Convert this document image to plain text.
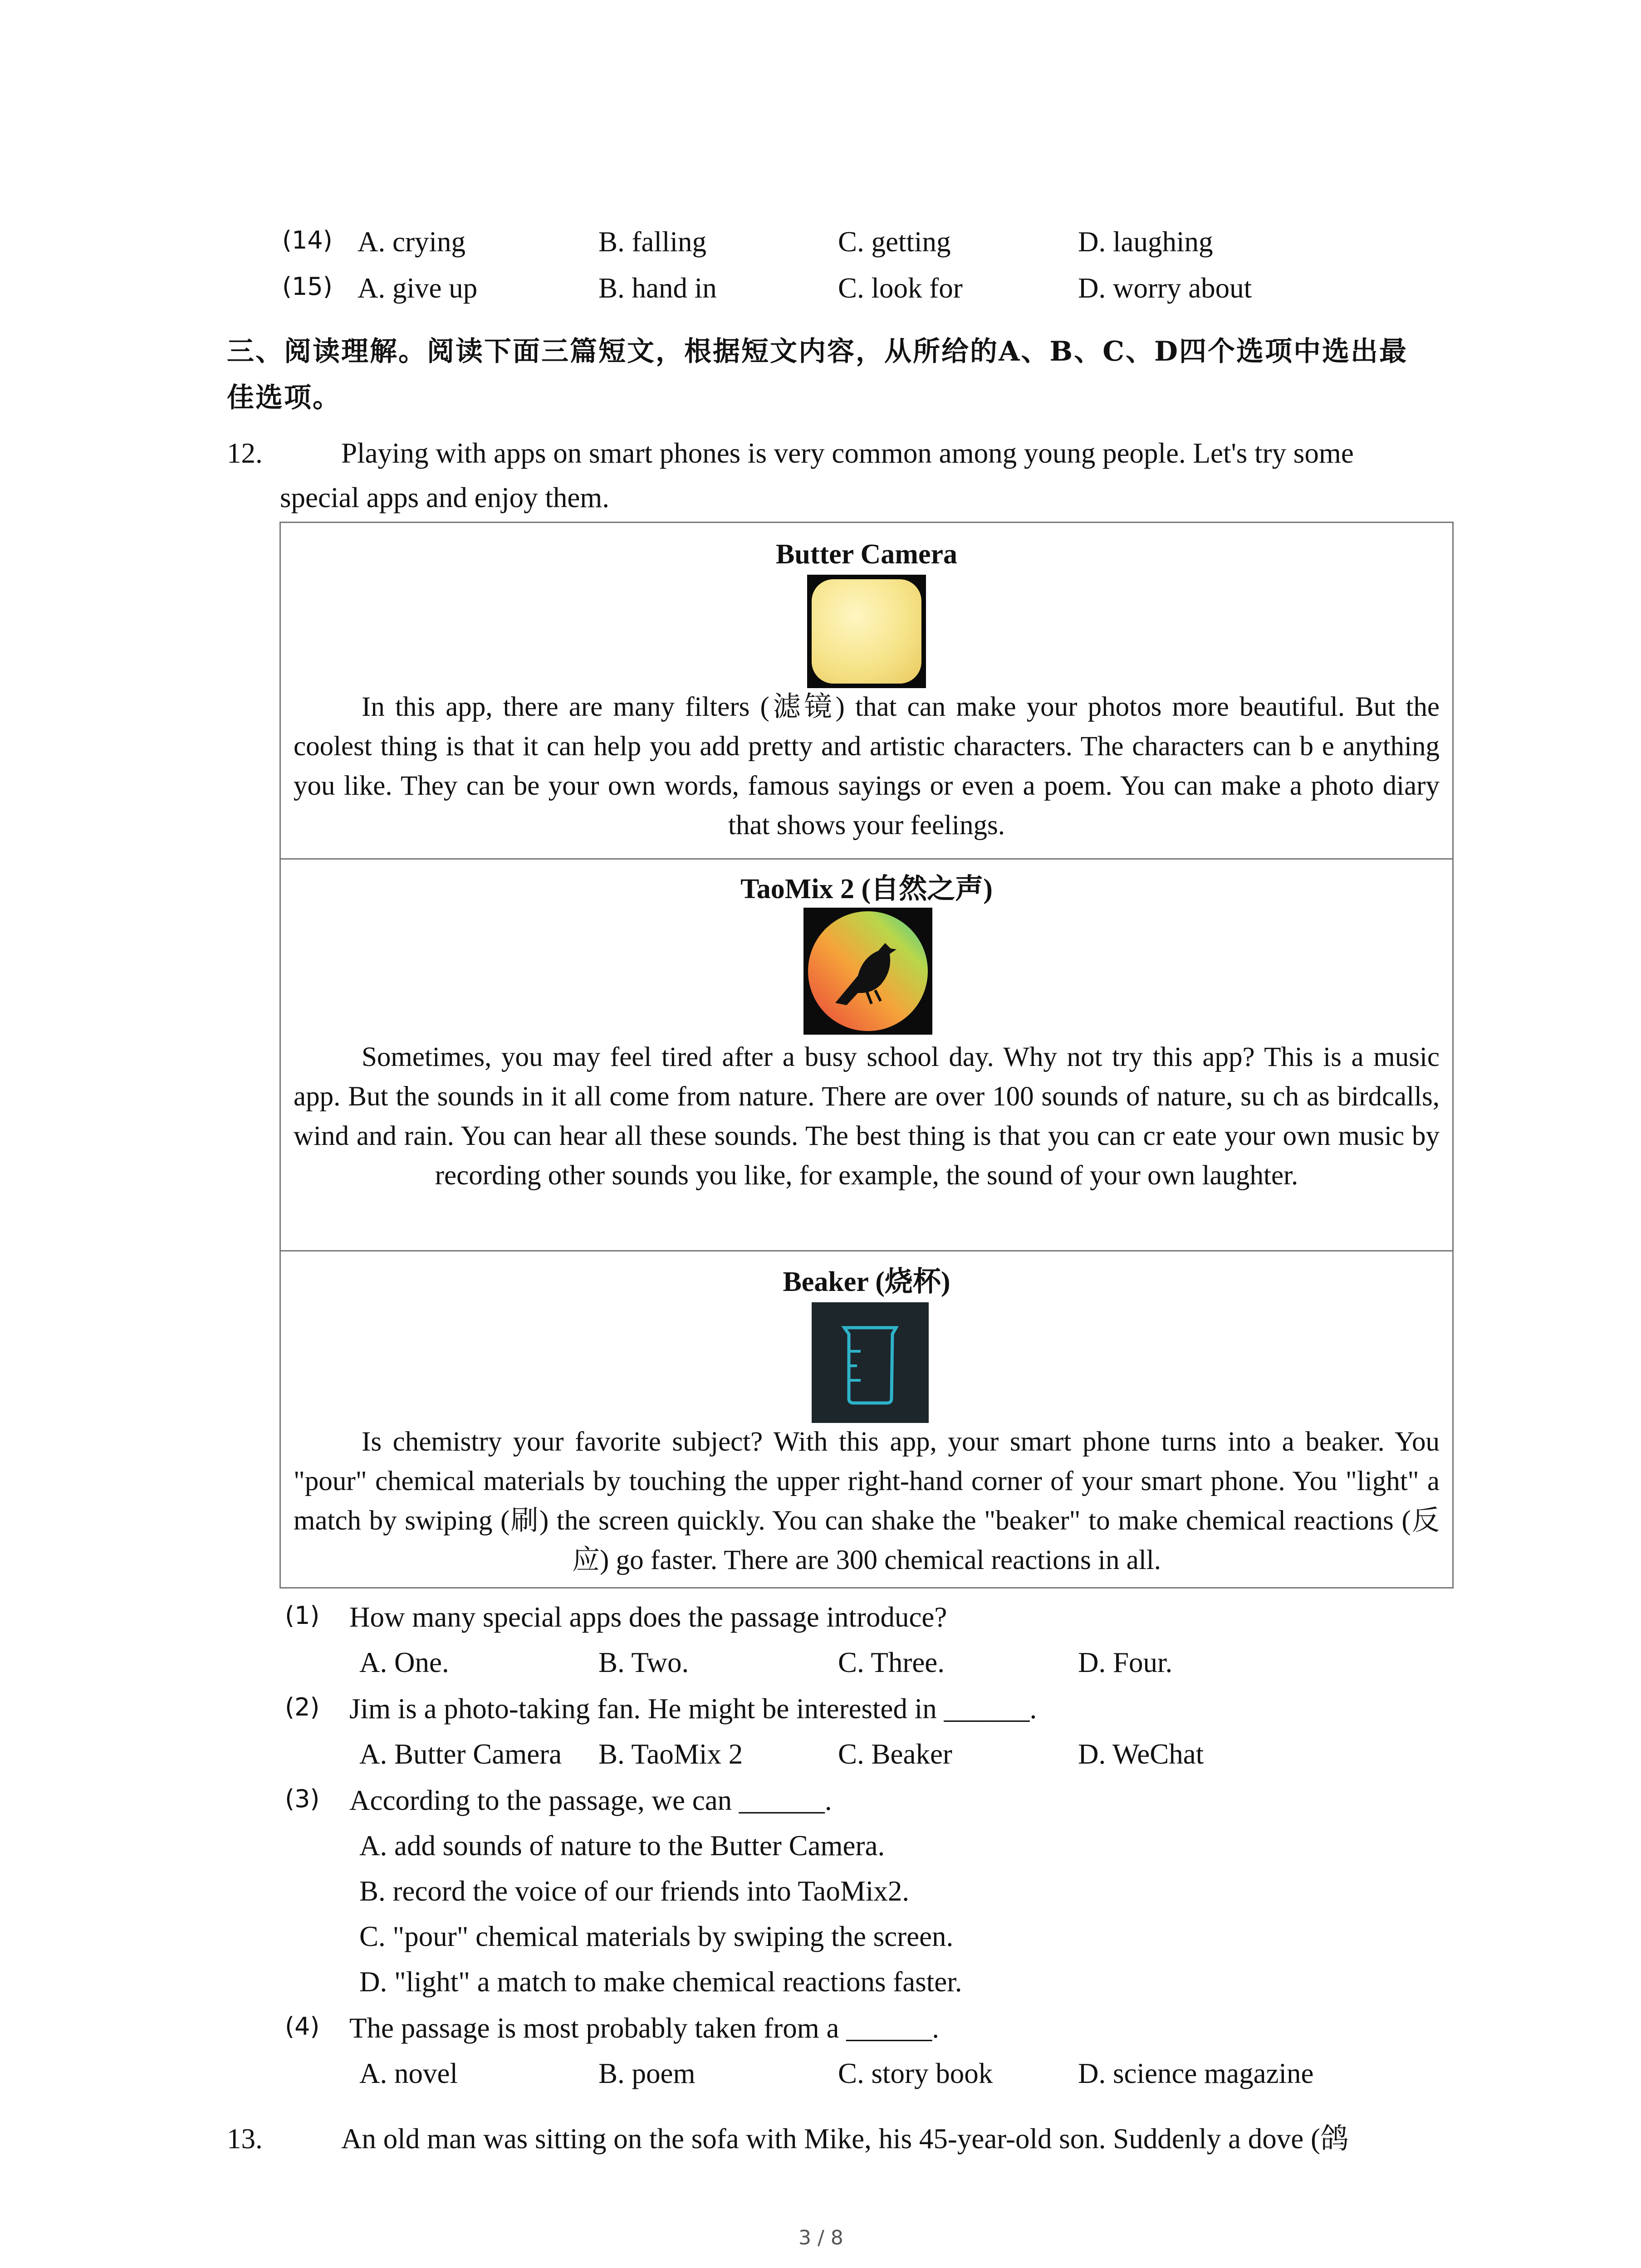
(14) A. crying	B. falling	C. getting	D. laughing
(15) A. give up	B. hand in	C. look for	D. worry about
三、阅读理解。阅读下面三篇短文，根据短文内容，从所给的A、B、C、D四个选项中选出最
佳选项。
12.	Playing with apps on smart phones is very common among young people. Let's try some
special apps and enjoy them.
Butter Camera
In this app, there are many filters (滤镜) that can make your photos more beautiful. But the coolest thing is that it can help you add pretty and artistic characters. The characters can b e anything you like. They can be your own words, famous sayings or even a poem. You can make a photo diary that shows your feelings.
TaoMix 2 (自然之声)
Sometimes, you may feel tired after a busy school day. Why not try this app? This is a music app. But the sounds in it all come from nature. There are over 100 sounds of nature, su ch as birdcalls, wind and rain. You can hear all these sounds. The best thing is that you can cr eate your own music by recording other sounds you like, for example, the sound of your own laughter.
Beaker (烧杯)
Is chemistry your favorite subject? With this app, your smart phone turns into a beaker. You "pour" chemical materials by touching the upper right-hand corner of your smart phone. You "light" a match by swiping (刷) the screen quickly. You can shake the "beaker" to make chemical reactions (反应) go faster. There are 300 chemical reactions in all.
(1) How many special apps does the passage introduce?
A. One.	B. Two.	C. Three.	D. Four.
(2) Jim is a photo-taking fan. He might be interested in ______.
A. Butter Camera B. TaoMix 2	C. Beaker	D. WeChat
(3) According to the passage, we can ______.
A. add sounds of nature to the Butter Camera.
B. record the voice of our friends into TaoMix2.
C. "pour" chemical materials by swiping the screen.
D. "light" a match to make chemical reactions faster.
(4) The passage is most probably taken from a ______.
A. novel	B. poem	C. story book	D. science magazine
13.	An old man was sitting on the sofa with Mike, his 45-year-old son. Suddenly a dove (鸽
3 / 8
